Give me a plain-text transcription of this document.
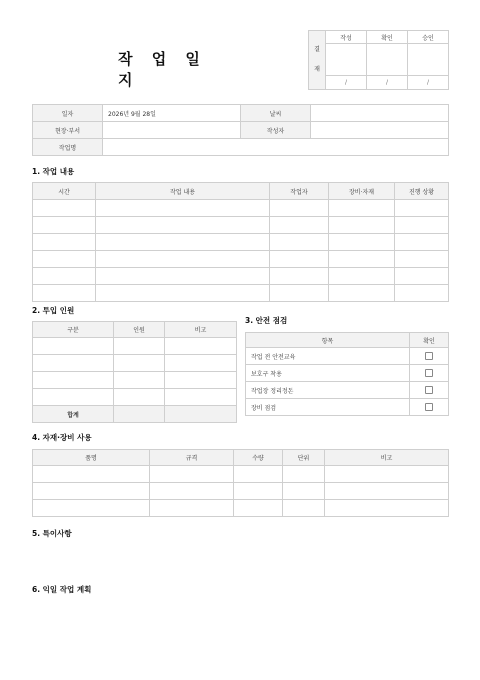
작 업 일 지
결

재	작성	확인	승인

	/	/	/
일자	2026년 9월 28일	날씨	
현장·부서		작성자	
작업명			
1. 작업 내용
시간	작업 내용	작업자	장비·자재	진행 상황

2. 투입 인원
구분	인원	비고

합계		
3. 안전 점검
항목	확인
작업 전 안전교육	
보호구 착용	
작업장 정리정돈	
장비 점검	
4. 자재·장비 사용
품명	규격	수량	단위	비고

5. 특이사항
6. 익일 작업 계획
